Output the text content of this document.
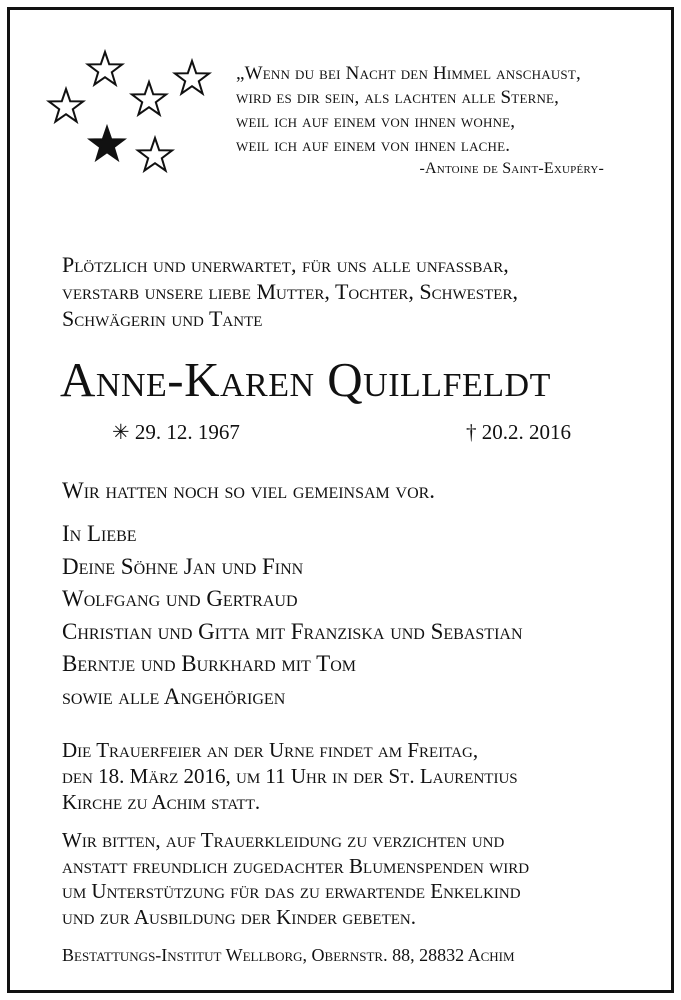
„Wenn du bei Nacht den Himmel anschaust,
wird es dir sein, als lachten alle Sterne,
weil ich auf einem von ihnen wohne,
weil ich auf einem von ihnen lache.
-Antoine de Saint-Exupéry-
Plötzlich und unerwartet, für uns alle unfassbar,
verstarb unsere liebe Mutter, Tochter, Schwester,
Schwägerin und Tante
Anne-Karen Quillfeldt
✳ 29. 12. 1967	† 20.2. 2016
Wir hatten noch so viel gemeinsam vor.
In Liebe
Deine Söhne Jan und Finn
Wolfgang und Gertraud
Christian und Gitta mit Franziska und Sebastian
Berntje und Burkhard mit Tom
sowie alle Angehörigen
Die Trauerfeier an der Urne findet am Freitag,
den 18. März 2016, um 11 Uhr in der St. Laurentius
Kirche zu Achim statt.
Wir bitten, auf Trauerkleidung zu verzichten und
anstatt freundlich zugedachter Blumenspenden wird
um Unterstützung für das zu erwartende Enkelkind
und zur Ausbildung der Kinder gebeten.
Bestattungs-Institut Wellborg, Obernstr. 88, 28832 Achim
